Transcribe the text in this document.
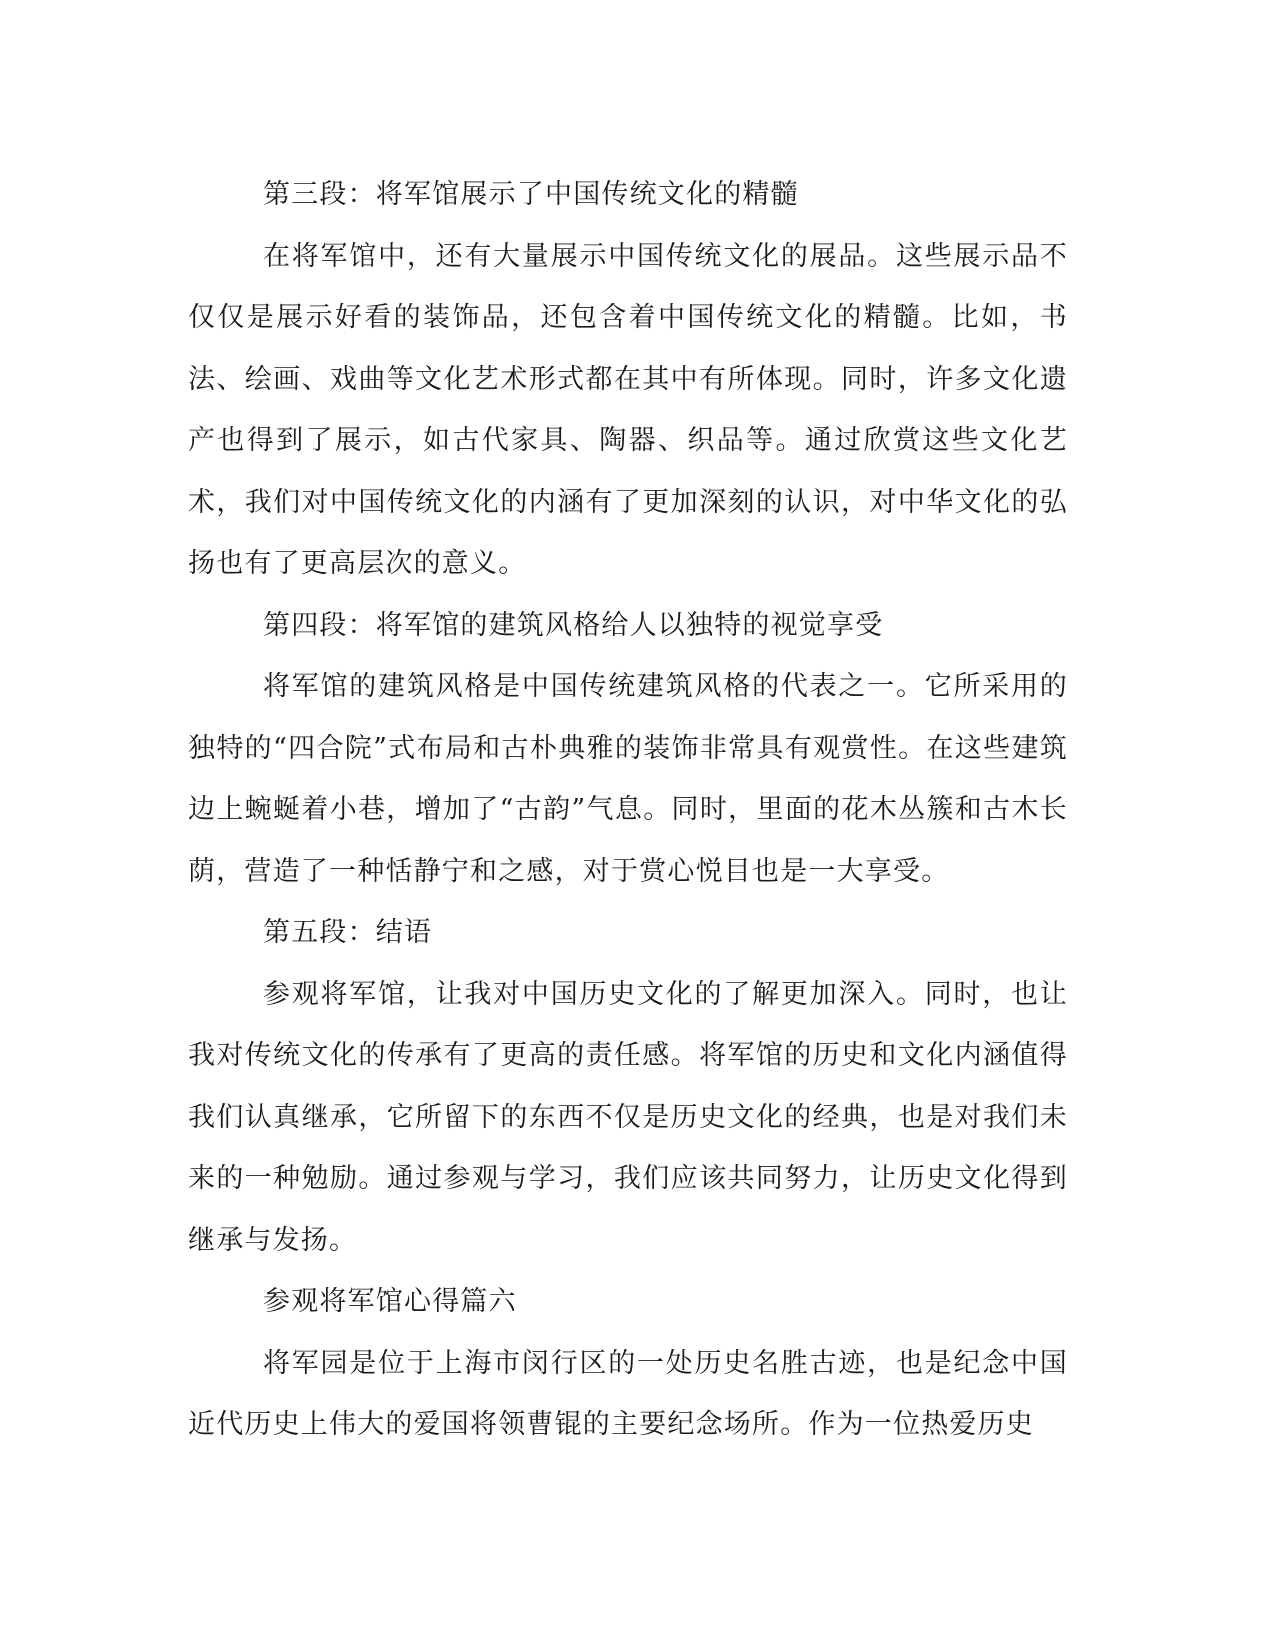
第三段：将军馆展示了中国传统文化的精髓

在将军馆中，还有大量展示中国传统文化的展品。这些展示品不仅仅是展示好看的装饰品，还包含着中国传统文化的精髓。比如，书法、绘画、戏曲等文化艺术形式都在其中有所体现。同时，许多文化遗产也得到了展示，如古代家具、陶器、织品等。通过欣赏这些文化艺术，我们对中国传统文化的内涵有了更加深刻的认识，对中华文化的弘扬也有了更高层次的意义。

第四段：将军馆的建筑风格给人以独特的视觉享受

将军馆的建筑风格是中国传统建筑风格的代表之一。它所采用的独特的“四合院”式布局和古朴典雅的装饰非常具有观赏性。在这些建筑边上蜿蜒着小巷，增加了“古韵”气息。同时，里面的花木丛簇和古木长荫，营造了一种恬静宁和之感，对于赏心悦目也是一大享受。

第五段：结语

参观将军馆，让我对中国历史文化的了解更加深入。同时，也让我对传统文化的传承有了更高的责任感。将军馆的历史和文化内涵值得我们认真继承，它所留下的东西不仅是历史文化的经典，也是对我们未来的一种勉励。通过参观与学习，我们应该共同努力，让历史文化得到继承与发扬。

参观将军馆心得篇六

将军园是位于上海市闵行区的一处历史名胜古迹，也是纪念中国近代历史上伟大的爱国将领曹锟的主要纪念场所。作为一位热爱历史
